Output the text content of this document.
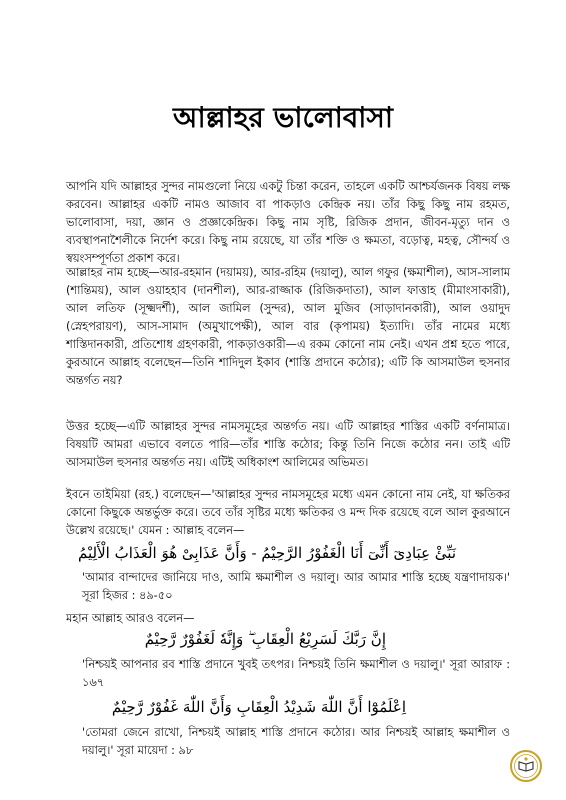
আল্লাহর ভালোবাসা

আপনি যদি আল্লাহর সুন্দর নামগুলো নিয়ে একটু চিন্তা করেন, তাহলে একটি আশ্চর্যজনক বিষয় লক্ষ করবেন। আল্লাহর একটি নামও আজাব বা পাকড়াও কেন্দ্রিক নয়। তাঁর কিছু কিছু নাম রহমত, ভালোবাসা, দয়া, জ্ঞান ও প্রজ্ঞাকেন্দ্রিক। কিছু নাম সৃষ্টি, রিজিক প্রদান, জীবন-মৃত্যু দান ও ব্যবস্থাপনাশৈলীকে নির্দেশ করে। কিছু নাম রয়েছে, যা তাঁর শক্তি ও ক্ষমতা, বড়োত্ব, মহত্ব, সৌন্দর্য ও স্বয়ংসম্পূর্ণতা প্রকাশ করে।

আল্লাহর নাম হচ্ছে—আর-রহমান (দয়াময়), আর-রহিম (দয়ালু), আল গফুর (ক্ষমাশীল), আস-সালাম (শান্তিময়), আল ওয়াহহাব (দানশীল), আর-রাজ্জাক (রিজিকদাতা), আল ফাত্তাহ (মীমাংসাকারী), আল লতিফ (সূক্ষ্মদর্শী), আল জামিল (সুন্দর), আল মুজিব (সাড়াদানকারী), আল ওয়াদুদ (স্নেহপরায়ণ), আস-সামাদ (অমুখাপেক্ষী), আল বার (কৃপাময়) ইত্যাদি। তাঁর নামের মধ্যে শাস্তিদানকারী, প্রতিশোধ গ্রহণকারী, পাকড়াওকারী—এ রকম কোনো নাম নেই। এখন প্রশ্ন হতে পারে, কুরআনে আল্লাহ বলেছেন—তিনি শাদিদুল ইকাব (শাস্তি প্রদানে কঠোর); এটি কি আসমাউল হুসনার অন্তর্গত নয়?

উত্তর হচ্ছে—এটি আল্লাহর সুন্দর নামসমূহের অন্তর্গত নয়। এটি আল্লাহর শাস্তির একটি বর্ণনামাত্র। বিষয়টি আমরা এভাবে বলতে পারি—তাঁর শাস্তি কঠোর; কিন্তু তিনি নিজে কঠোর নন। তাই এটি আসমাউল হুসনার অন্তর্গত নয়। এটিই অধিকাংশ আলিমের অভিমত।

ইবনে তাইমিয়া (রহ.) বলেছেন—'আল্লাহর সুন্দর নামসমূহের মধ্যে এমন কোনো নাম নেই, যা ক্ষতিকর কোনো কিছুকে অন্তর্ভুক্ত করে। তবে তাঁর সৃষ্টির মধ্যে ক্ষতিকর ও মন্দ দিক রয়েছে বলে আল কুরআনে উল্লেখ রয়েছে।' যেমন : আল্লাহ বলেন—

نَبِّئْ عِبَادِىٓ أَنِّىٓ أَنَا الْغَفُوْرُ الرَّحِيْمُ - وَأَنَّ عَذَابِىْ هُوَ الْعَذَابُ الْأَلِيْمُ

'আমার বান্দাদের জানিয়ে দাও, আমি ক্ষমাশীল ও দয়ালু। আর আমার শাস্তি হচ্ছে যন্ত্রণাদায়ক।' সূরা হিজর : ৪৯-৫০

মহান আল্লাহ আরও বলেন—

إِنَّ رَبَّكَ لَسَرِيْعُ الْعِقَابِ ۖ وَإِنَّهٗ لَغَفُوْرٌ رَّحِيْمٌ

'নিশ্চয়ই আপনার রব শাস্তি প্রদানে খুবই তৎপর। নিশ্চয়ই তিনি ক্ষমাশীল ও দয়ালু।' সূরা আরাফ : ১৬৭

اِعْلَمُوْٓا أَنَّ اللّٰهَ شَدِيْدُ الْعِقَابِ وَأَنَّ اللّٰهَ غَفُوْرٌ رَّحِيْمٌ

'তোমরা জেনে রাখো, নিশ্চয়ই আল্লাহ শাস্তি প্রদানে কঠোর। আর নিশ্চয়ই আল্লাহ ক্ষমাশীল ও দয়ালু।' সূরা মায়েদা : ৯৮
